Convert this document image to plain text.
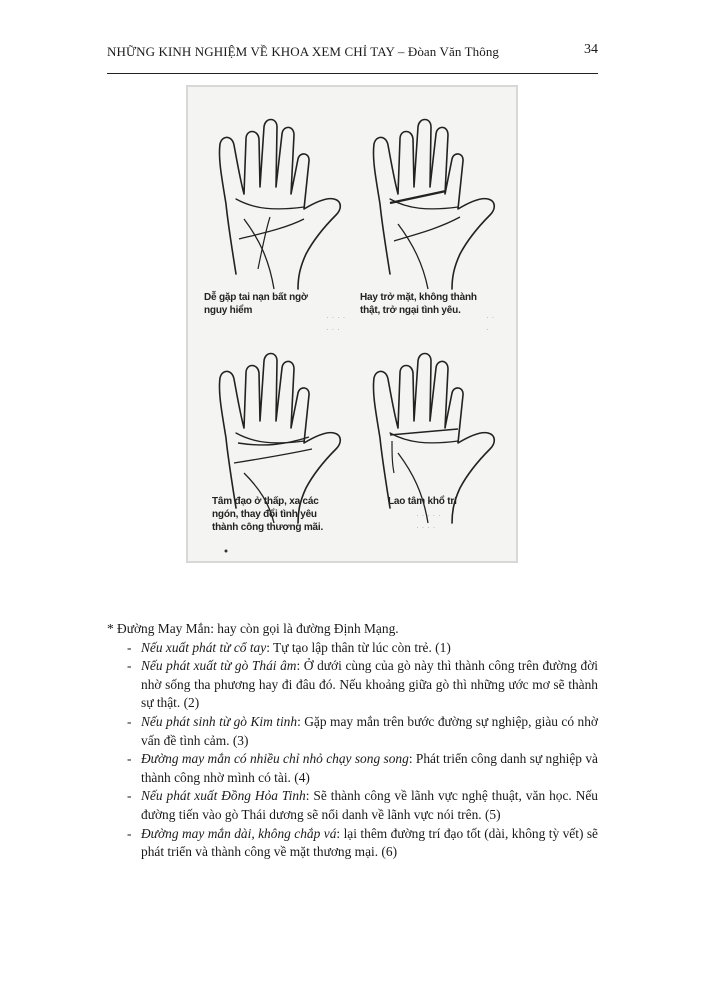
NHỮNG KINH NGHIỆM VỀ KHOA XEM CHỈ TAY – Đòan Văn Thông	34
· · · ·
· · ·
· ·
·
· · · · ·
· · · ·
Dễ gặp tai nạn bất ngờ
nguy hiểm
Hay trở mặt, không thành
thật, trở ngại tình yêu.
Tâm đạo ở thấp, xa các
ngón, thay đổi tình yêu
thành công thương mãi.
Lao tâm khổ trí

* Đường May Mắn: hay còn gọi là đường Định Mạng.

- Nếu xuất phát từ cổ tay: Tự tạo lập thân từ lúc còn trẻ. (1)
- Nếu phát xuất từ gò Thái âm: Ở dưới cùng của gò này thì thành công trên đường đời nhờ sống tha phương hay đi đâu đó. Nếu khoảng giữa gò thì những ước mơ sẽ thành sự thật. (2)
- Nếu phát sinh từ gò Kim tinh: Gặp may mắn trên bước đường sự nghiệp, giàu có nhờ vấn đề tình cảm. (3)
- Đường may mắn có nhiều chỉ nhỏ chạy song song: Phát triển công danh sự nghiệp và thành công nhờ mình có tài. (4)
- Nếu phát xuất Đồng Hỏa Tinh: Sẽ thành công về lãnh vực nghệ thuật, văn học. Nếu đường tiến vào gò Thái dương sẽ nổi danh về lãnh vực nói trên. (5)
- Đường may mắn dài, không chắp vá: lại thêm đường trí đạo tốt (dài, không tỳ vết) sẽ phát triển và thành công về mặt thương mại. (6)
